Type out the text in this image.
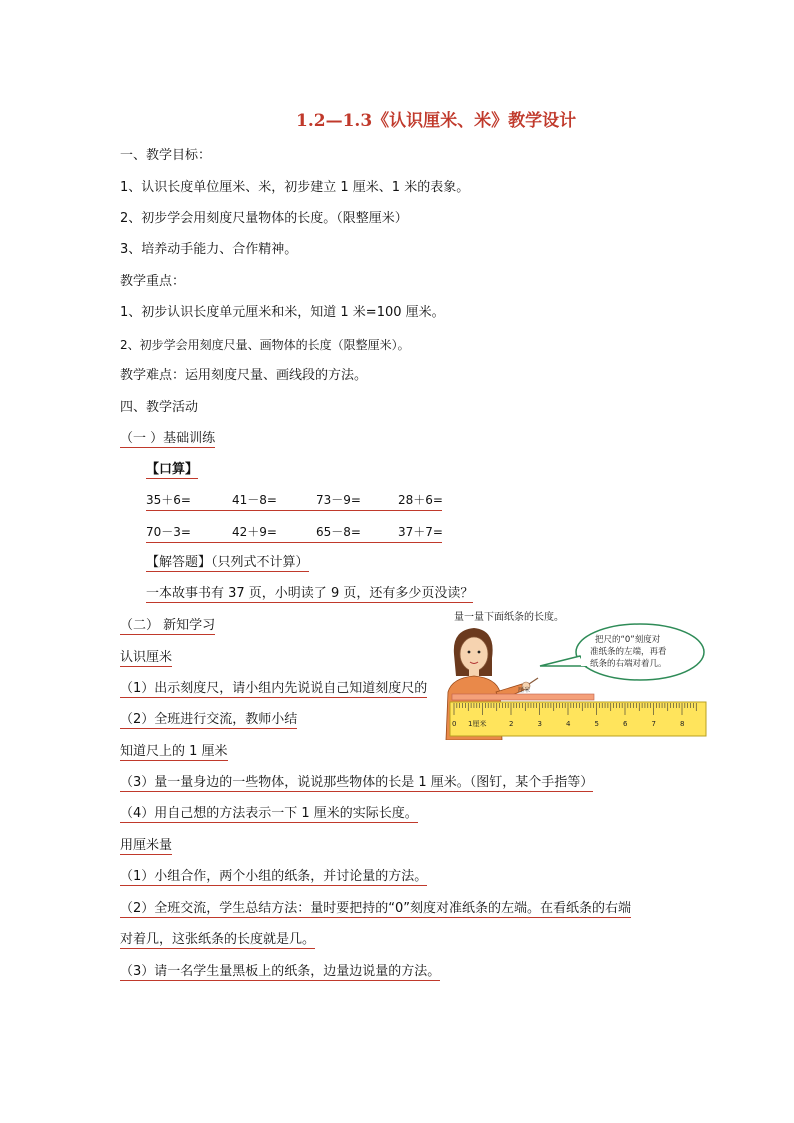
1.2—1.3《认识厘米、米》教学设计
一、教学目标：
1、认识长度单位厘米、米，初步建立 1 厘米、1 米的表象。
2、初步学会用刻度尺量物体的长度。（限整厘米）
3、培养动手能力、合作精神。
教学重点：
1、初步认识长度单元厘米和米，知道 1 米=100 厘米。
2、初步学会用刻度尺量、画物体的长度（限整厘米）。
教学难点：运用刻度尺量、画线段的方法。
四、教学活动
（一 ）基础训练
【口算】
35＋6=	41－8=	73－9=	28＋6=
70－3=	42＋9=	65－8=	37＋7=
【解答题】（只列式不计算）
一本故事书有 37 页，小明读了 9 页，还有多少页没读？
（二） 新知学习
认识厘米
（1）出示刻度尺，请小组内先说说自己知道刻度尺的
（2）全班进行交流，教师小结
知道尺上的 1 厘米
（3）量一量身边的一些物体，说说那些物体的长是 1 厘米。（图钉，某个手指等）
（4）用自己想的方法表示一下 1 厘米的实际长度。
用厘米量
（1）小组合作，两个小组的纸条，并讨论量的方法。
（2）全班交流，学生总结方法：量时要把持的“0”刻度对准纸条的左端。在看纸条的右端
对着几，这张纸条的长度就是几。
（3）请一名学生量黑板上的纸条，边量边说量的方法。
量一量下面纸条的长度。
把尺的“0”刻度对
准纸条的左端，再看
纸条的右端对着几。
厘米
1厘米
0	2	3	4	5	6	7	8
